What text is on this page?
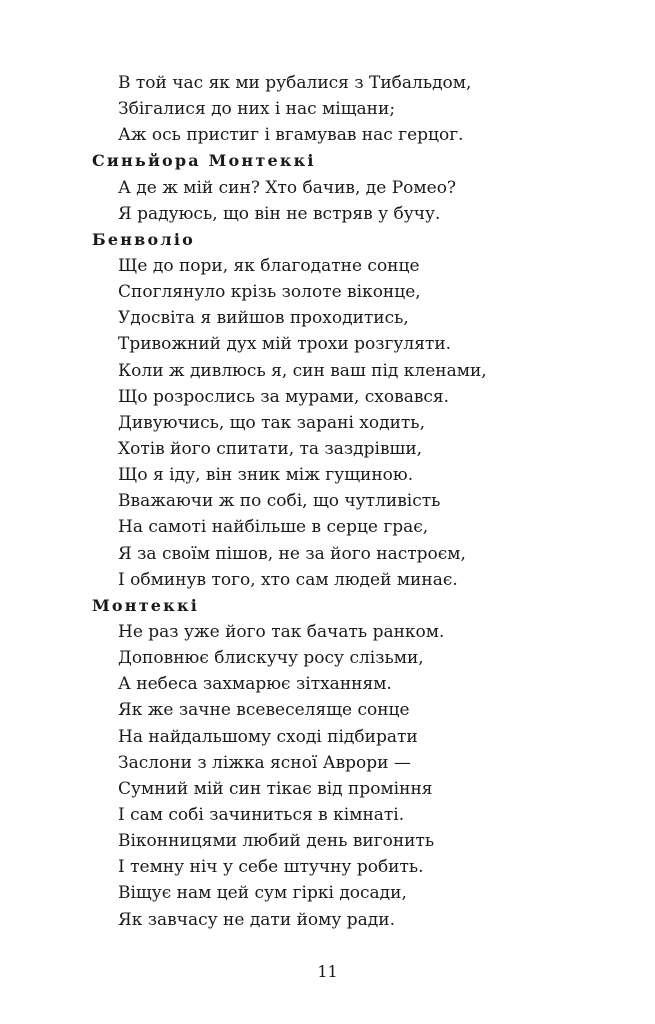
В той час як ми рубалися з Тибальдом,
Збігалися до них і нас міщани;
Аж ось пристиг і вгамував нас герцог.
Синьйора Монтеккі
А де ж мій син? Хто бачив, де Ромео?
Я радуюсь, що він не встряв у бучу.
Бенволіо
Ще до пори, як благодатне сонце
Споглянуло крізь золоте віконце,
Удосвіта я вийшов проходитись,
Тривожний дух мій трохи розгуляти.
Коли ж дивлюсь я, син ваш під кленами,
Що розрослись за мурами, сховався.
Дивуючись, що так зарані ходить,
Хотів його спитати, та заздрівши,
Що я іду, він зник між гущиною.
Вважаючи ж по собі, що чутливість
На самоті найбільше в серце грає,
Я за своїм пішов, не за його настроєм,
І обминув того, хто сам людей минає.
Монтеккі
Не раз уже його так бачать ранком.
Доповнює блискучу росу слізьми,
А небеса захмарює зітханням.
Як же зачне всевеселяще сонце
На найдальшому сході підбирати
Заслони з ліжка ясної Аврори —
Сумний мій син тікає від проміння
І сам собі зачиниться в кімнаті.
Віконницями любий день вигонить
І темну ніч у себе штучну робить.
Віщує нам цей сум гіркі досади,
Як завчасу не дати йому ради.
11
